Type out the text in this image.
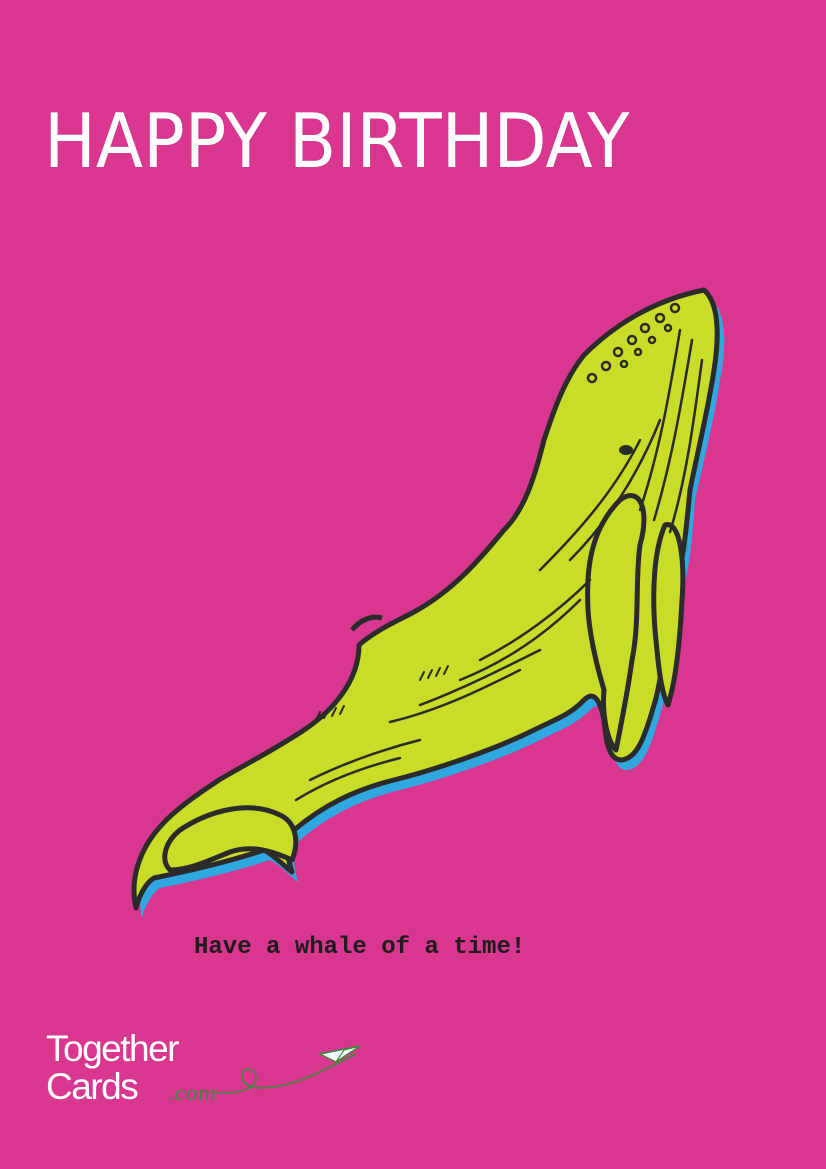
HAPPY BIRTHDAY

Have a whale of a time!

Together
Cards .com
